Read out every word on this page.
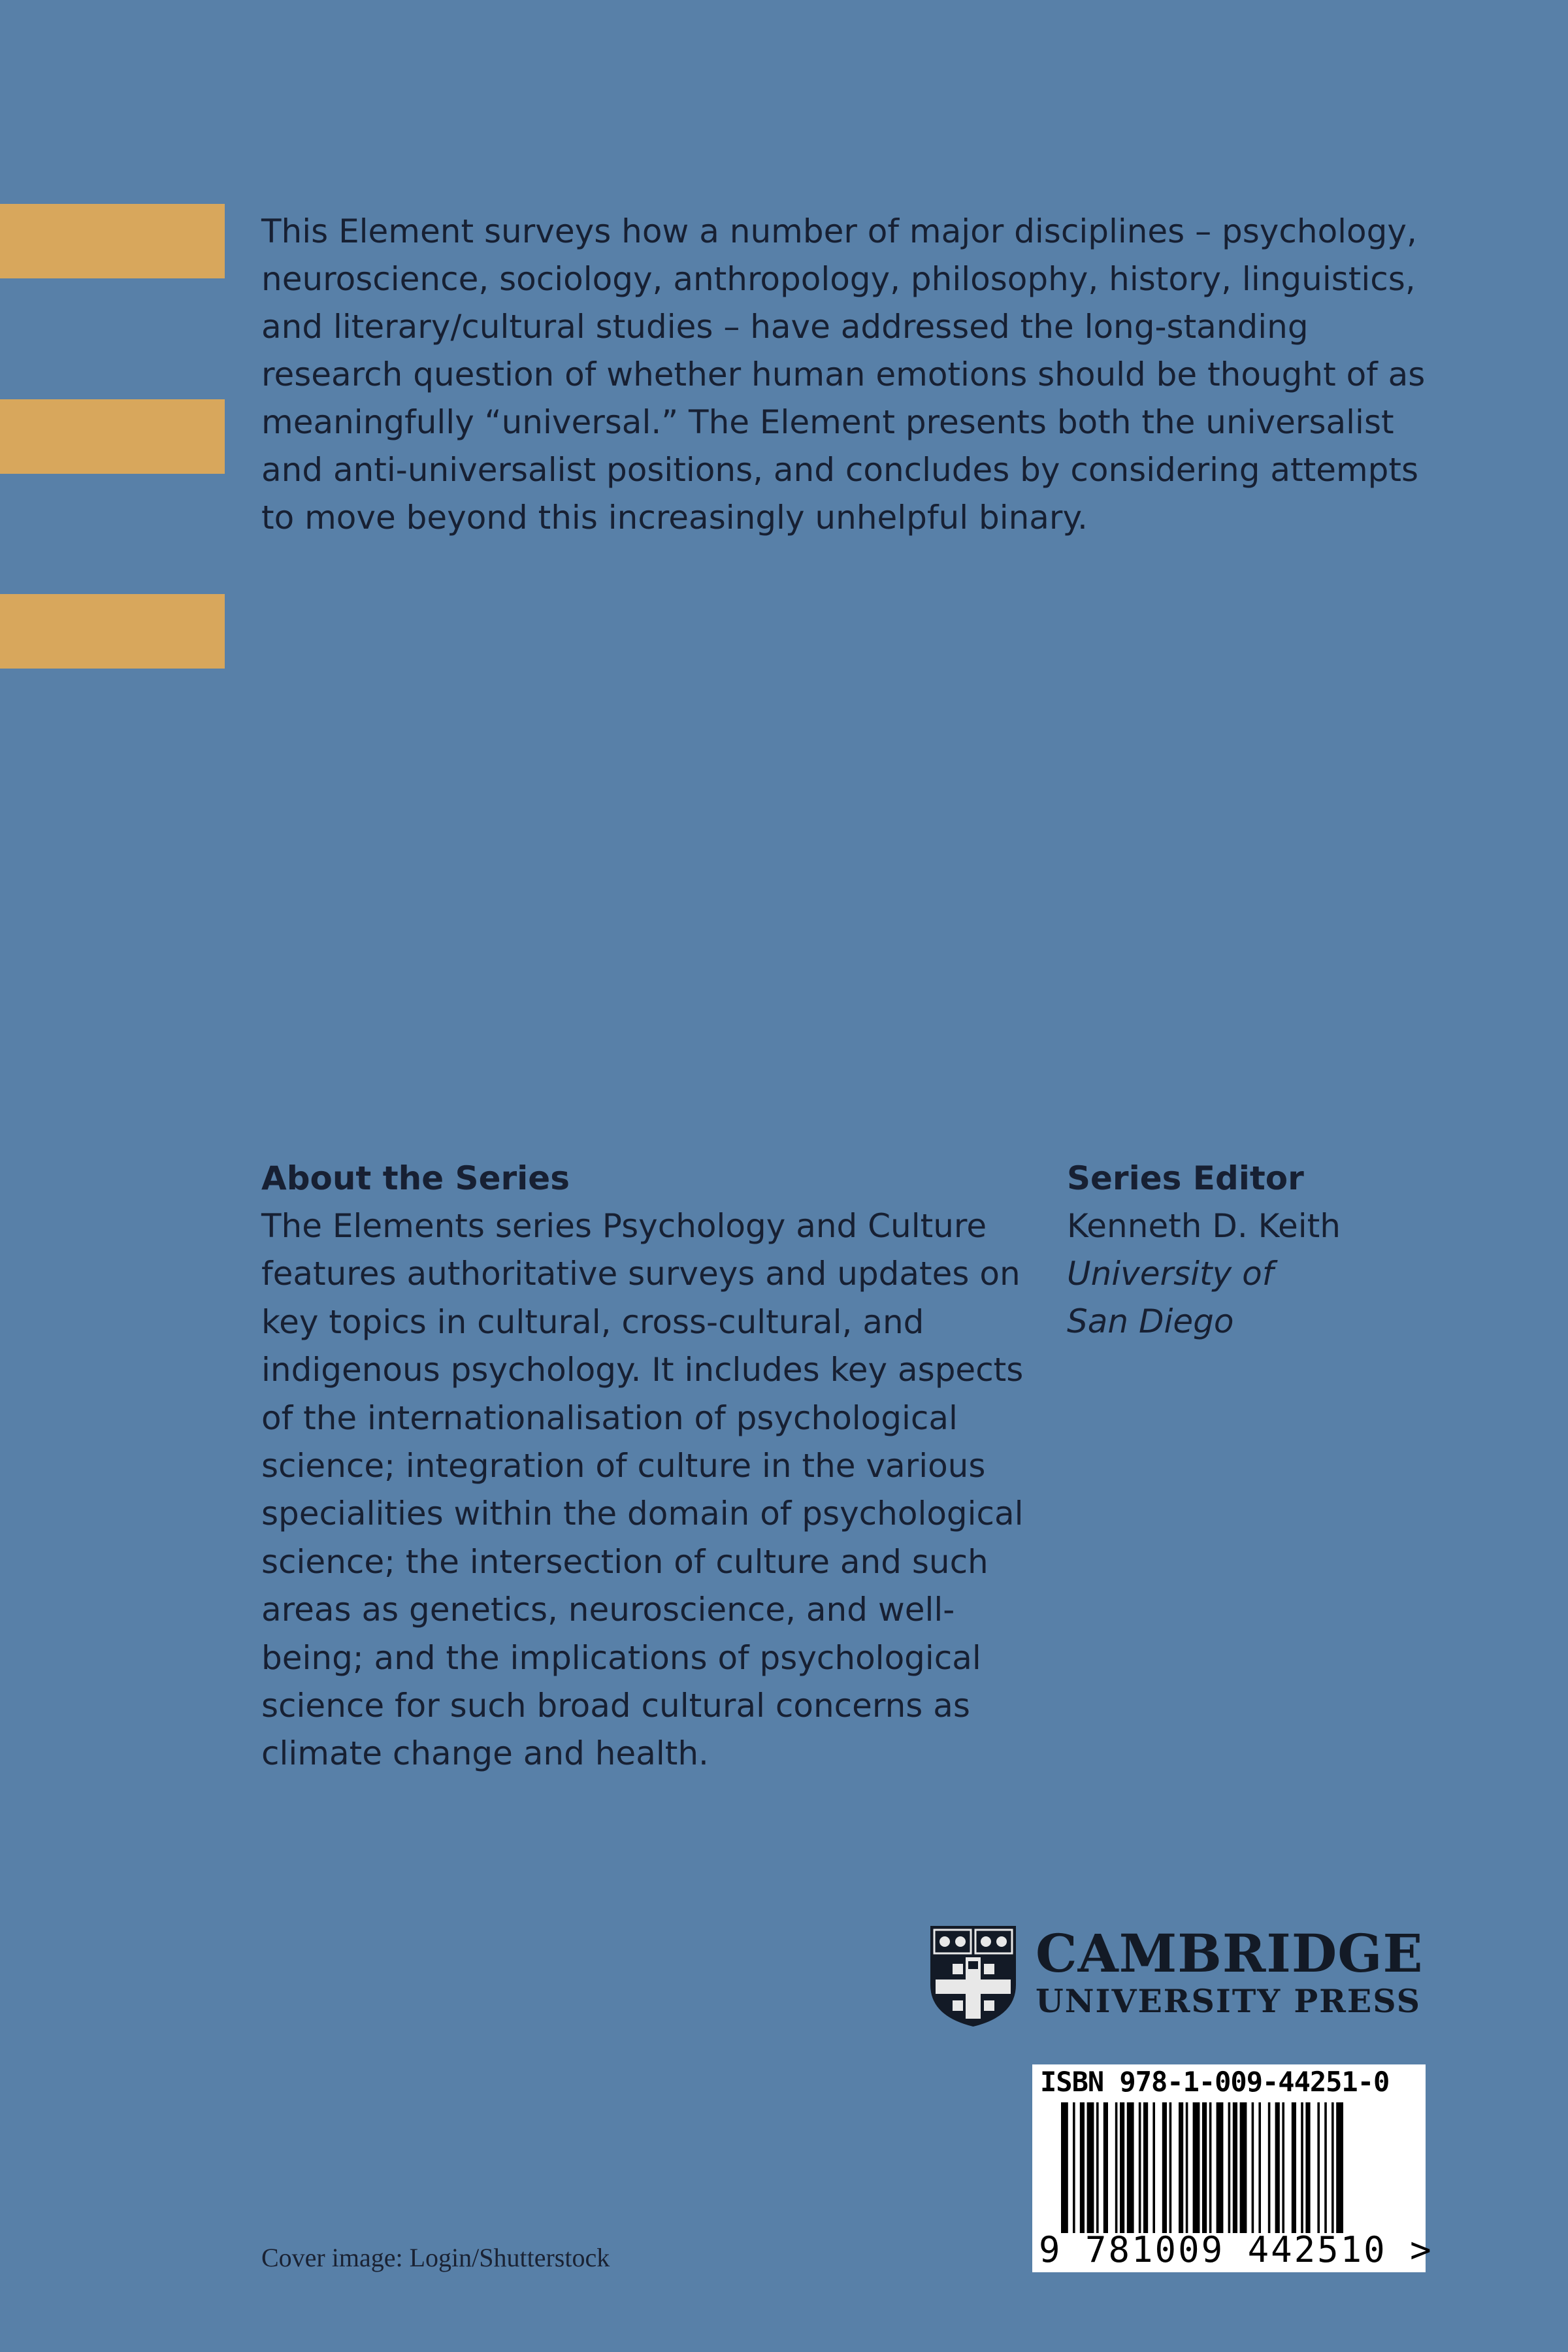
This Element surveys how a number of major disciplines – psychology, neuroscience, sociology, anthropology, philosophy, history, linguistics, and literary/cultural studies – have addressed the long-standing research question of whether human emotions should be thought of as meaningfully “universal.” The Element presents both the universalist and anti-universalist positions, and concludes by considering attempts to move beyond this increasingly unhelpful binary.

About the Series

The Elements series Psychology and Culture features authoritative surveys and updates on key topics in cultural, cross-cultural, and indigenous psychology. It includes key aspects of the internationalisation of psychological science; integration of culture in the various specialities within the domain of psychological science; the intersection of culture and such areas as genetics, neuroscience, and well-being; and the implications of psychological science for such broad cultural concerns as climate change and health.

Series Editor
Kenneth D. Keith
University of
San Diego
CAMBRIDGE
UNIVERSITY PRESS
ISBN 978-1-009-44251-0
9 781009 442510 >
Cover image: Login/Shutterstock
